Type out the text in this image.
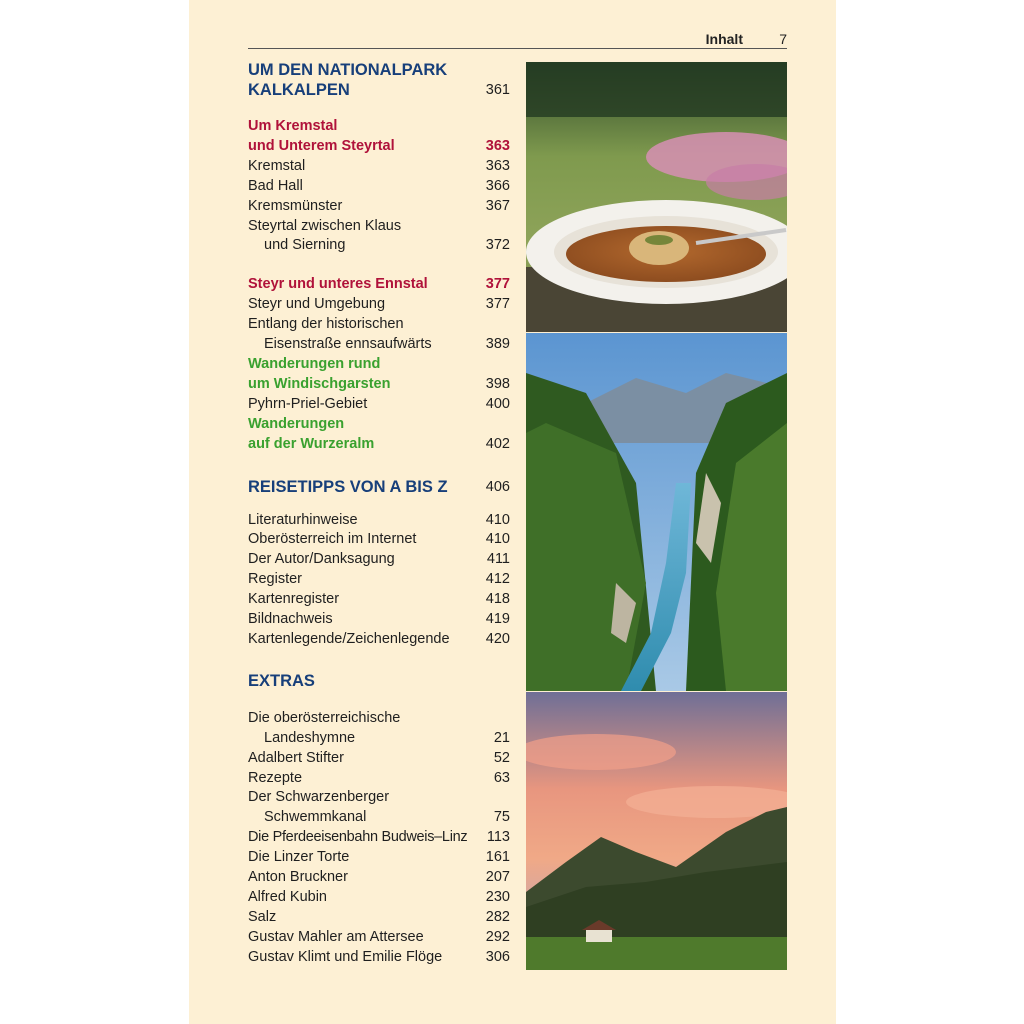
Inhalt	7
UM DEN NATIONALPARK
KALKALPEN	361
Um Kremstal
und Unterem Steyrtal	363
Kremstal	363
Bad Hall	366
Kremsmünster	367
Steyrtal zwischen Klaus
und Sierning	372
Steyr und unteres Ennstal	377
Steyr und Umgebung	377
Entlang der historischen
Eisenstraße ennsaufwärts	389
Wanderungen rund
um Windischgarsten	398
Pyhrn-Priel-Gebiet	400
Wanderungen
auf der Wurzeralm	402
REISETIPPS VON A BIS Z	406
Literaturhinweise	410
Oberösterreich im Internet	410
Der Autor/Danksagung	411
Register	412
Kartenregister	418
Bildnachweis	419
Kartenlegende/Zeichenlegende	420
EXTRAS
Die oberösterreichische
Landeshymne	21
Adalbert Stifter	52
Rezepte	63
Der Schwarzenberger
Schwemmkanal	75
Die Pferdeeisenbahn Budweis–Linz	113
Die Linzer Torte	161
Anton Bruckner	207
Alfred Kubin	230
Salz	282
Gustav Mahler am Attersee	292
Gustav Klimt und Emilie Flöge	306
